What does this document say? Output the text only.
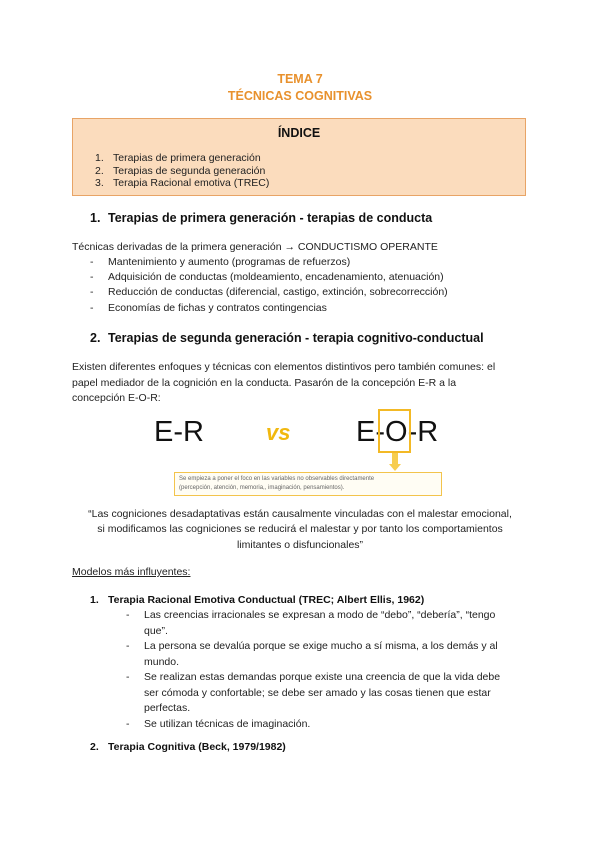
TEMA 7
TÉCNICAS COGNITIVAS
ÍNDICE
1. Terapias de primera generación
2. Terapias de segunda generación
3. Terapia Racional emotiva (TREC)
1. Terapias de primera generación - terapias de conducta
Técnicas derivadas de la primera generación → CONDUCTISMO OPERANTE
- Mantenimiento y aumento (programas de refuerzos)
- Adquisición de conductas (moldeamiento, encadenamiento, atenuación)
- Reducción de conductas (diferencial, castigo, extinción, sobrecorrección)
- Economías de fichas y contratos contingencias
2. Terapias de segunda generación - terapia cognitivo-conductual
Existen diferentes enfoques y técnicas con elementos distintivos pero también comunes: el
papel mediador de la cognición en la conducta. Pasarón de la concepción E-R a la
concepción E-O-R:
E-R	vs E-O-R
Se empieza a poner el foco en las variables no observables directamente
(percepción, atención, memoria,, imaginación, pensamientos).
“Las cogniciones desadaptativas están causalmente vinculadas con el malestar emocional,
si modificamos las cogniciones se reducirá el malestar y por tanto los comportamientos
limitantes o disfuncionales”
Modelos más influyentes:
1. Terapia Racional Emotiva Conductual (TREC; Albert Ellis, 1962)
- Las creencias irracionales se expresan a modo de “debo”, “debería”, “tengo que”.
- La persona se devalúa porque se exige mucho a sí misma, a los demás y al mundo.
- Se realizan estas demandas porque existe una creencia de que la vida debe ser cómoda y confortable; se debe ser amado y las cosas tienen que estar perfectas.
- Se utilizan técnicas de imaginación.
2. Terapia Cognitiva (Beck, 1979/1982)
